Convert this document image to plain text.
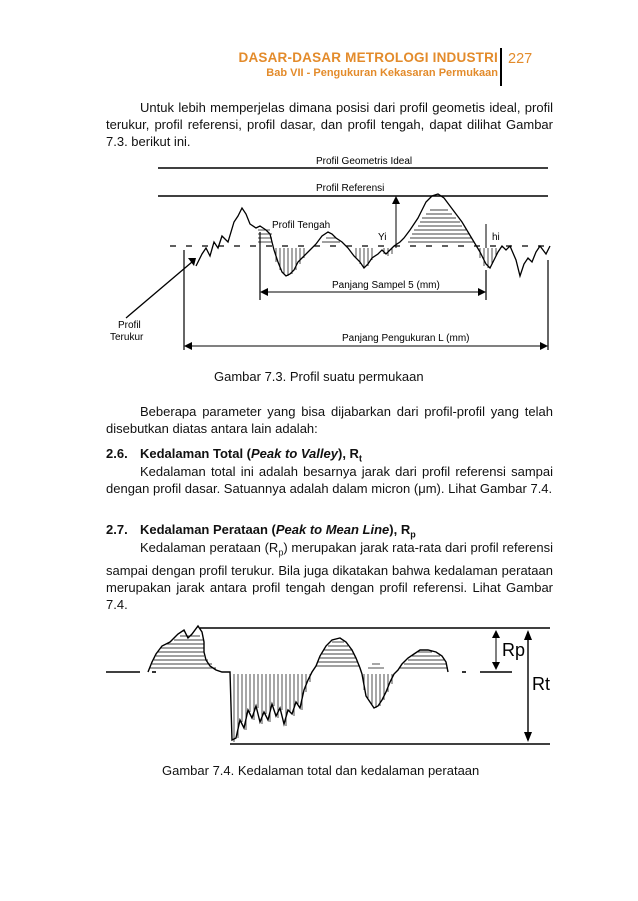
DASAR-DASAR METROLOGI INDUSTRI
Bab VII - Pengukuran Kekasaran Permukaan
227
Untuk lebih memperjelas dimana posisi dari profil geometis ideal, profil terukur, profil referensi, profil dasar, dan profil tengah, dapat dilihat Gambar 7.3. berikut ini.
Profil Geometris Ideal
Profil Referensi
Profil Tengah
Yi	hi
Panjang Sampel 5 (mm)
Panjang Pengukuran L (mm)
Profil
Terukur
Gambar 7.3. Profil suatu permukaan
Beberapa parameter yang bisa dijabarkan dari profil-profil yang telah disebutkan diatas antara lain adalah:
2.6. Kedalaman Total (Peak to Valley), $R_t$
Kedalaman total ini adalah besarnya jarak dari profil referensi sampai dengan profil dasar. Satuannya adalah dalam micron (μm). Lihat Gambar 7.4.
2.7. Kedalaman Perataan (Peak to Mean Line), $R_p$
Kedalaman perataan $(R_p)$ merupakan jarak rata-rata dari profil referensi sampai dengan profil terukur. Bila juga dikatakan bahwa kedalaman perataan merupakan jarak antara profil tengah dengan profil referensi. Lihat Gambar 7.4.
Rp
Rt
Gambar 7.4. Kedalaman total dan kedalaman perataan
